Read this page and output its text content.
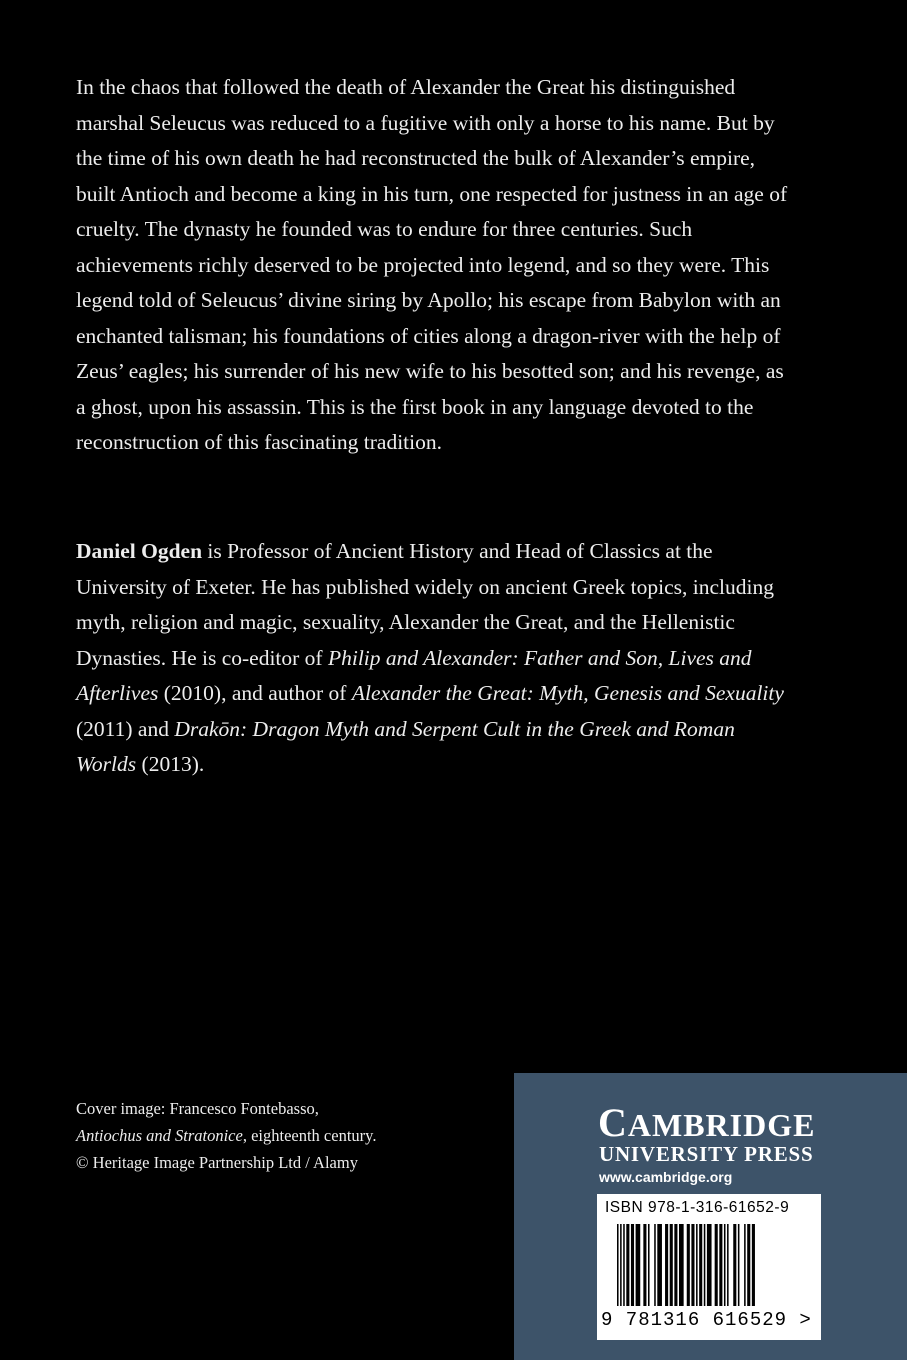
In the chaos that followed the death of Alexander the Great his distinguished marshal Seleucus was reduced to a fugitive with only a horse to his name. But by the time of his own death he had reconstructed the bulk of Alexander’s empire, built Antioch and become a king in his turn, one respected for justness in an age of cruelty. The dynasty he founded was to endure for three centuries. Such achievements richly deserved to be projected into legend, and so they were. This legend told of Seleucus’ divine siring by Apollo; his escape from Babylon with an enchanted talisman; his foundations of cities along a dragon-river with the help of Zeus’ eagles; his surrender of his new wife to his besotted son; and his revenge, as a ghost, upon his assassin. This is the first book in any language devoted to the reconstruction of this fascinating tradition.

Daniel Ogden is Professor of Ancient History and Head of Classics at the University of Exeter. He has published widely on ancient Greek topics, including myth, religion and magic, sexuality, Alexander the Great, and the Hellenistic Dynasties. He is co-editor of Philip and Alexander: Father and Son, Lives and Afterlives (2010), and author of Alexander the Great: Myth, Genesis and Sexuality (2011) and Drakōn: Dragon Myth and Serpent Cult in the Greek and Roman Worlds (2013).

Cover image: Francesco Fontebasso,
Antiochus and Stratonice, eighteenth century.
© Heritage Image Partnership Ltd / Alamy
CAMBRIDGE
UNIVERSITY PRESS
www.cambridge.org
ISBN 978-1-316-61652-9
9 781316 616529 >
